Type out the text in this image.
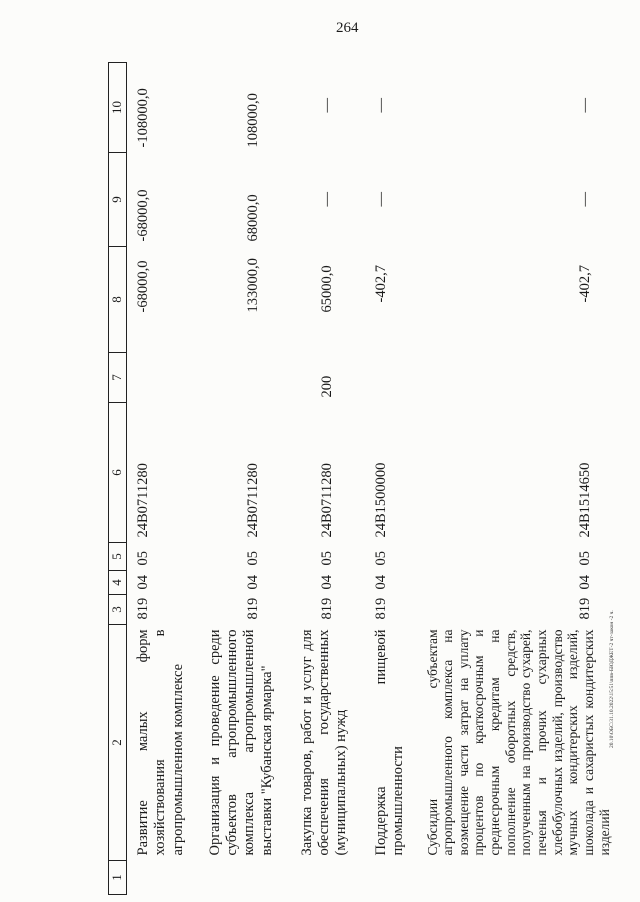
264
20.10\ОБС\31.10.2022\15:51\ппв-БЮДЖЕТ-2 чт-закон -2 ч.
1	2	3	4	5	6	7	8	9	10
	Развитие малых форм хозяйствования в агропромышленном комплексе	819	04	05	24В0711280		-68000,0	-68000,0	-108000,0
	Организация и проведение среди субъектов агропромышленного комплекса агропромышленной выставки "Кубанская ярмарка"	819	04	05	24В0711280		133000,0	68000,0	108000,0
	Закупка товаров, работ и услуг для обеспечения государственных (муниципальных) нужд	819	04	05	24В0711280	200	65000,0	—	—
	Поддержка пищевой промышленности	819	04	05	24В1500000		-402,7	—	—
	Субсидии субъектам агропромышленного комплекса на возмещение части затрат на уплату процентов по краткосрочным и среднесрочным кредитам на пополнение оборотных средств, полученным на производство сухарей, печенья и прочих сухарных хлебобулочных изделий, производство мучных кондитерских изделий, шоколада и сахаристых кондитерских изделий	819	04	05	24В1514650		-402,7	—	—
